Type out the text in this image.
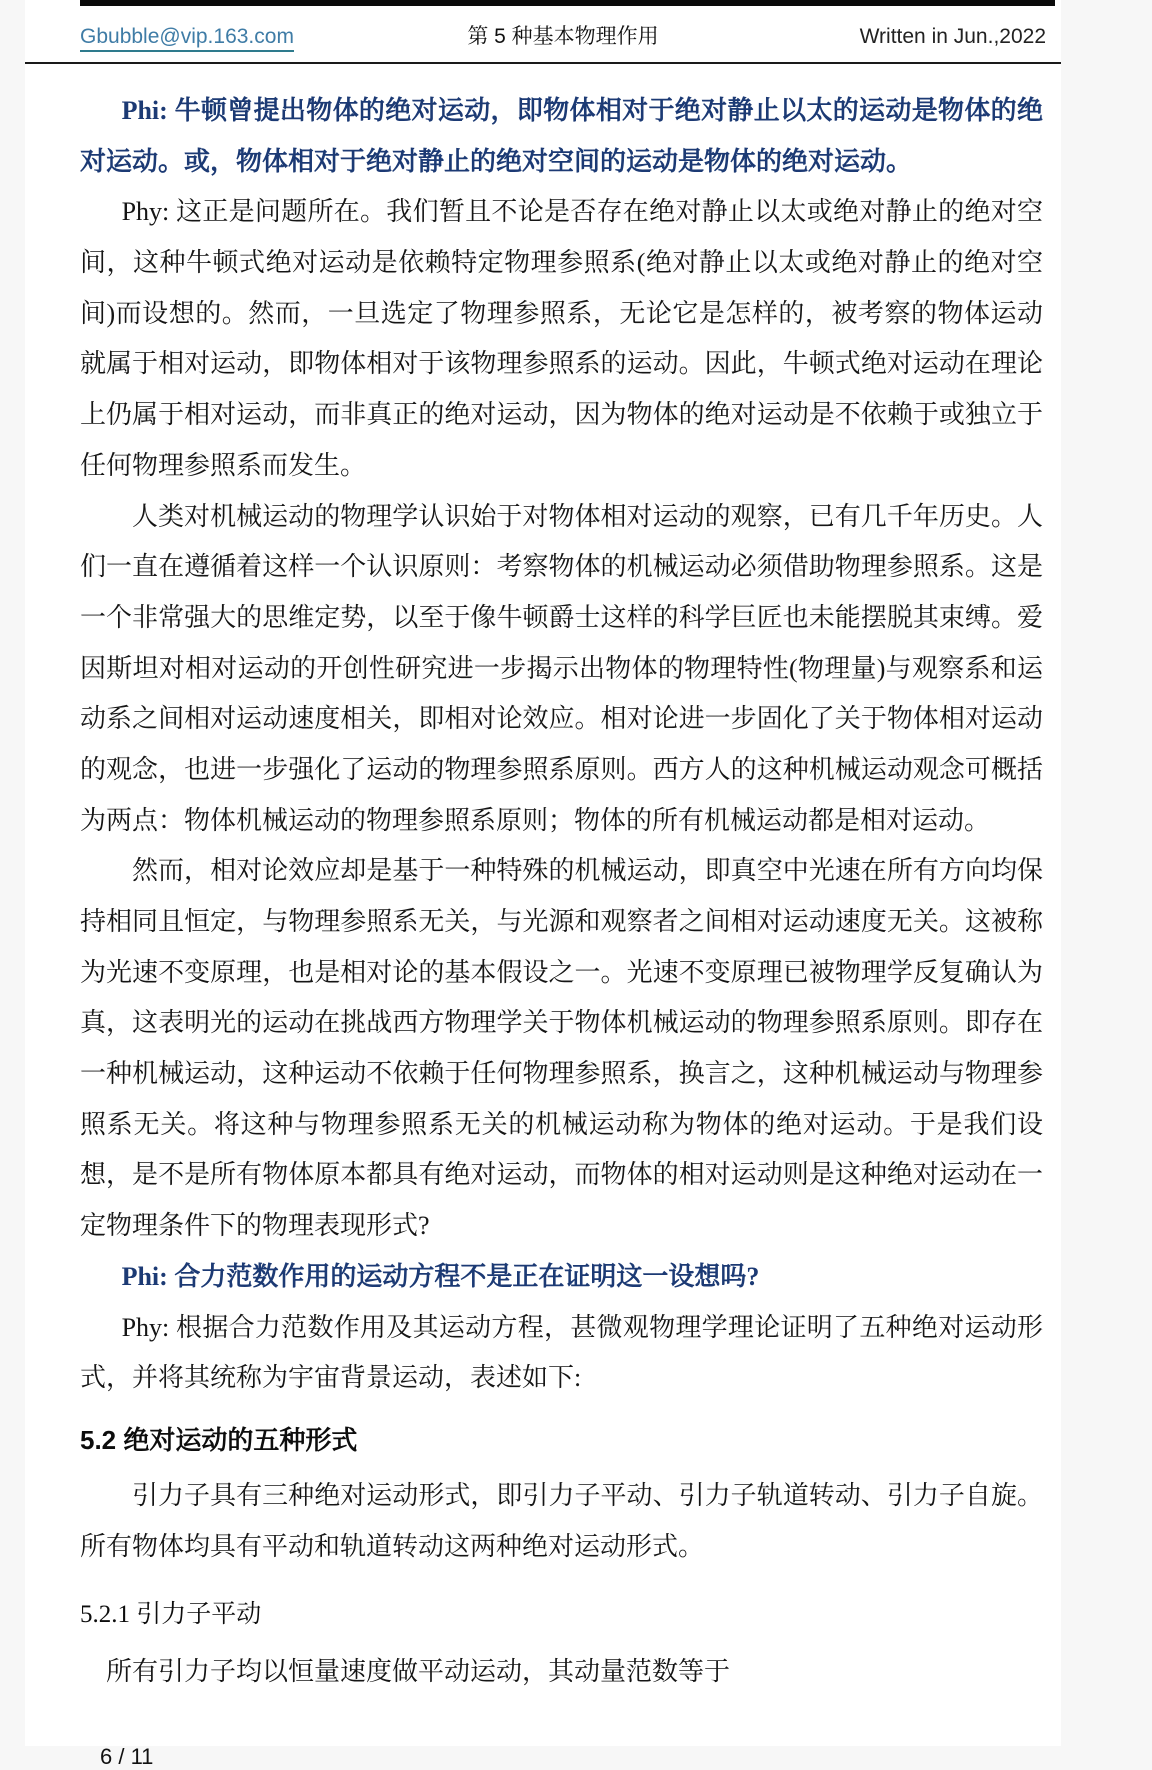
Gbubble@vip.163.com	第 5 种基本物理作用	Written in Jun.,2022

Phi: 牛顿曾提出物体的绝对运动，即物体相对于绝对静止以太的运动是物体的绝对运动。或，物体相对于绝对静止的绝对空间的运动是物体的绝对运动。

Phy: 这正是问题所在。我们暂且不论是否存在绝对静止以太或绝对静止的绝对空间，这种牛顿式绝对运动是依赖特定物理参照系(绝对静止以太或绝对静止的绝对空间)而设想的。然而，一旦选定了物理参照系，无论它是怎样的，被考察的物体运动就属于相对运动，即物体相对于该物理参照系的运动。因此，牛顿式绝对运动在理论上仍属于相对运动，而非真正的绝对运动，因为物体的绝对运动是不依赖于或独立于任何物理参照系而发生。

人类对机械运动的物理学认识始于对物体相对运动的观察，已有几千年历史。人们一直在遵循着这样一个认识原则：考察物体的机械运动必须借助物理参照系。这是一个非常强大的思维定势，以至于像牛顿爵士这样的科学巨匠也未能摆脱其束缚。爱因斯坦对相对运动的开创性研究进一步揭示出物体的物理特性(物理量)与观察系和运动系之间相对运动速度相关，即相对论效应。相对论进一步固化了关于物体相对运动的观念，也进一步强化了运动的物理参照系原则。西方人的这种机械运动观念可概括为两点：物体机械运动的物理参照系原则；物体的所有机械运动都是相对运动。

然而，相对论效应却是基于一种特殊的机械运动，即真空中光速在所有方向均保持相同且恒定，与物理参照系无关，与光源和观察者之间相对运动速度无关。这被称为光速不变原理，也是相对论的基本假设之一。光速不变原理已被物理学反复确认为真，这表明光的运动在挑战西方物理学关于物体机械运动的物理参照系原则。即存在一种机械运动，这种运动不依赖于任何物理参照系，换言之，这种机械运动与物理参照系无关。将这种与物理参照系无关的机械运动称为物体的绝对运动。于是我们设想，是不是所有物体原本都具有绝对运动，而物体的相对运动则是这种绝对运动在一定物理条件下的物理表现形式?

Phi: 合力范数作用的运动方程不是正在证明这一设想吗?

Phy: 根据合力范数作用及其运动方程，甚微观物理学理论证明了五种绝对运动形式，并将其统称为宇宙背景运动，表述如下:

5.2 绝对运动的五种形式

引力子具有三种绝对运动形式，即引力子平动、引力子轨道转动、引力子自旋。所有物体均具有平动和轨道转动这两种绝对运动形式。

5.2.1 引力子平动

所有引力子均以恒量速度做平动运动，其动量范数等于

6 / 11
